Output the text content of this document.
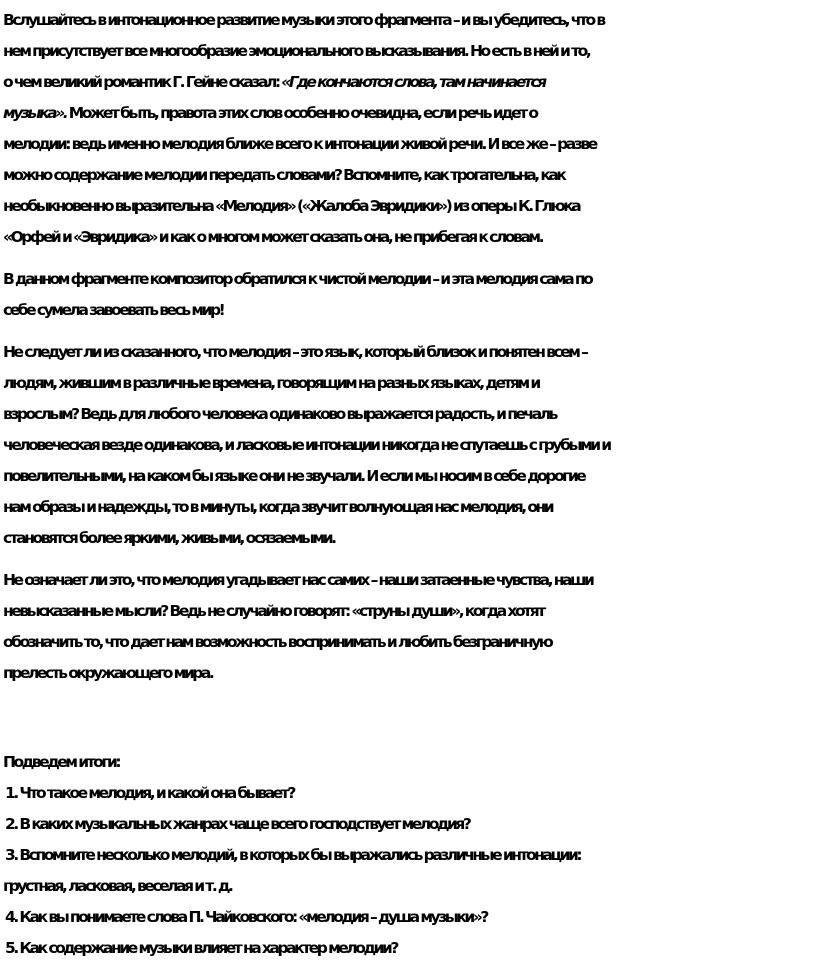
Вслушайтесь в интонационное развитие музыки этого фрагмента – и вы убедитесь, что в

нем присутствует все многообразие эмоционального высказывания. Но есть в ней и то,

о чем великий романтик Г. Гейне сказал: «Где кончаются слова, там начинается

музыка». Может быть, правота этих слов особенно очевидна, если речь идет о

мелодии: ведь именно мелодия ближе всего к интонации живой речи. И все же – разве

можно содержание мелодии передать словами? Вспомните, как трогательна, как

необыкновенно выразительна «Мелодия» («Жалоба Эвридики») из оперы К. Глюка

«Орфей и «Эвридика» и как о многом может сказать она, не прибегая к словам.

В данном фрагменте композитор обратился к чистой мелодии – и эта мелодия сама по

себе сумела завоевать весь мир!

Не следует ли из сказанного, что мелодия – это язык, который близок и понятен всем –

людям, жившим в различные времена, говорящим на разных языках, детям и

взрослым? Ведь для любого человека одинаково выражается радость, и печаль

человеческая везде одинакова, и ласковые интонации никогда не спутаешь с грубыми и

повелительными, на каком бы языке они не звучали. И если мы носим в себе дорогие

нам образы и надежды, то в минуты, когда звучит волнующая нас мелодия, они

становятся более яркими, живыми, осязаемыми.

Не означает ли это, что мелодия угадывает нас самих – наши затаенные чувства, наши

невысказанные мысли? Ведь не случайно говорят: «струны души», когда хотят

обозначить то, что дает нам возможность воспринимать и любить безграничную

прелесть окружающего мира.

Подведем итоги:

1. Что такое мелодия, и какой она бывает?

2. В каких музыкальных жанрах чаще всего господствует мелодия?

3. Вспомните несколько мелодий, в которых бы выражались различные интонации:

грустная, ласковая, веселая и т. д.

4. Как вы понимаете слова П. Чайковского: «мелодия – душа музыки»?

5. Как содержание музыки влияет на характер мелодии?
